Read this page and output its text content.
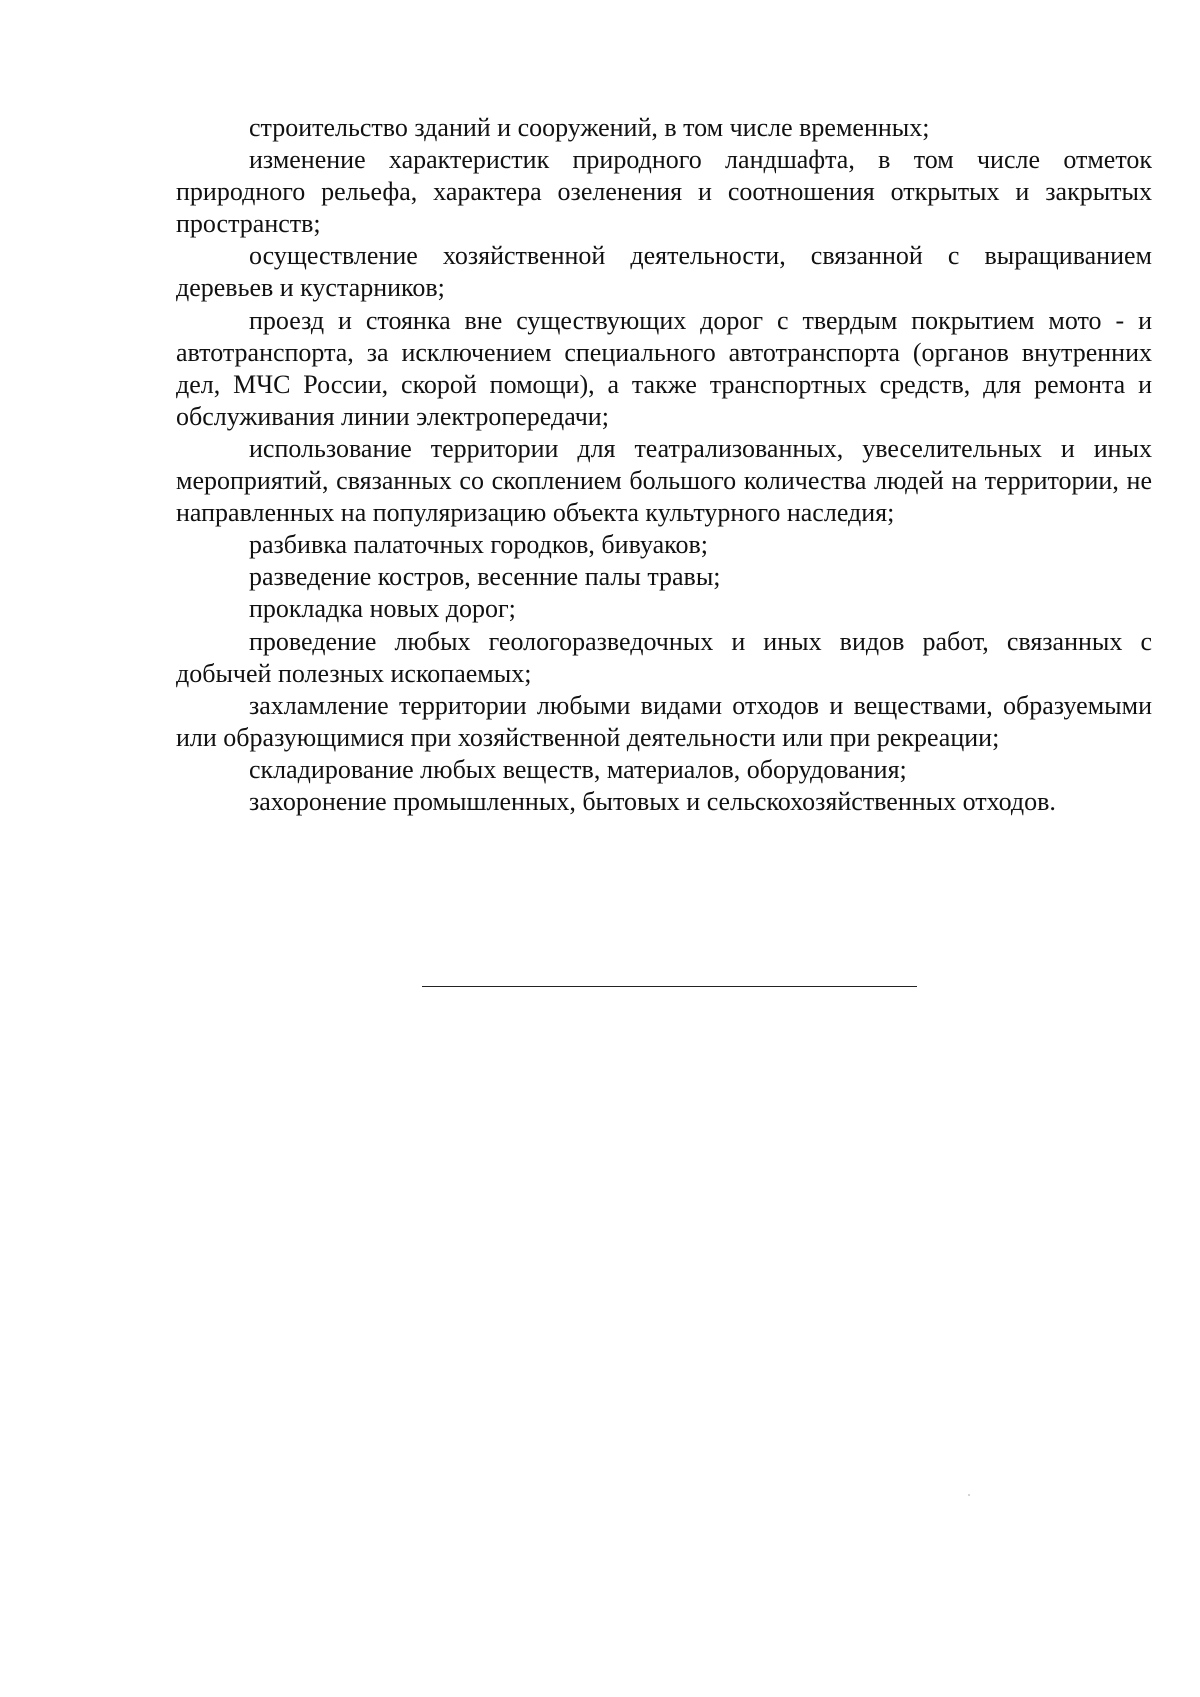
строительство зданий и сооружений, в том числе временных;

изменение характеристик природного ландшафта, в том числе отметок природного рельефа, характера озеленения и соотношения открытых и закрытых пространств;

осуществление хозяйственной деятельности, связанной с выращиванием деревьев и кустарников;

проезд и стоянка вне существующих дорог с твердым покрытием мото - и автотранспорта, за исключением специального автотранспорта (органов внутренних дел, МЧС России, скорой помощи), а также транспортных средств, для ремонта и обслуживания линии электропередачи;

использование территории для театрализованных, увеселительных и иных мероприятий, связанных со скоплением большого количества людей на территории, не направленных на популяризацию объекта культурного наследия;

разбивка палаточных городков, бивуаков;

разведение костров, весенние палы травы;

прокладка новых дорог;

проведение любых геологоразведочных и иных видов работ, связанных с добычей полезных ископаемых;

захламление территории любыми видами отходов и веществами, образуемыми или образующимися при хозяйственной деятельности или при рекреации;

складирование любых веществ, материалов, оборудования;

захоронение промышленных, бытовых и сельскохозяйственных отходов.
